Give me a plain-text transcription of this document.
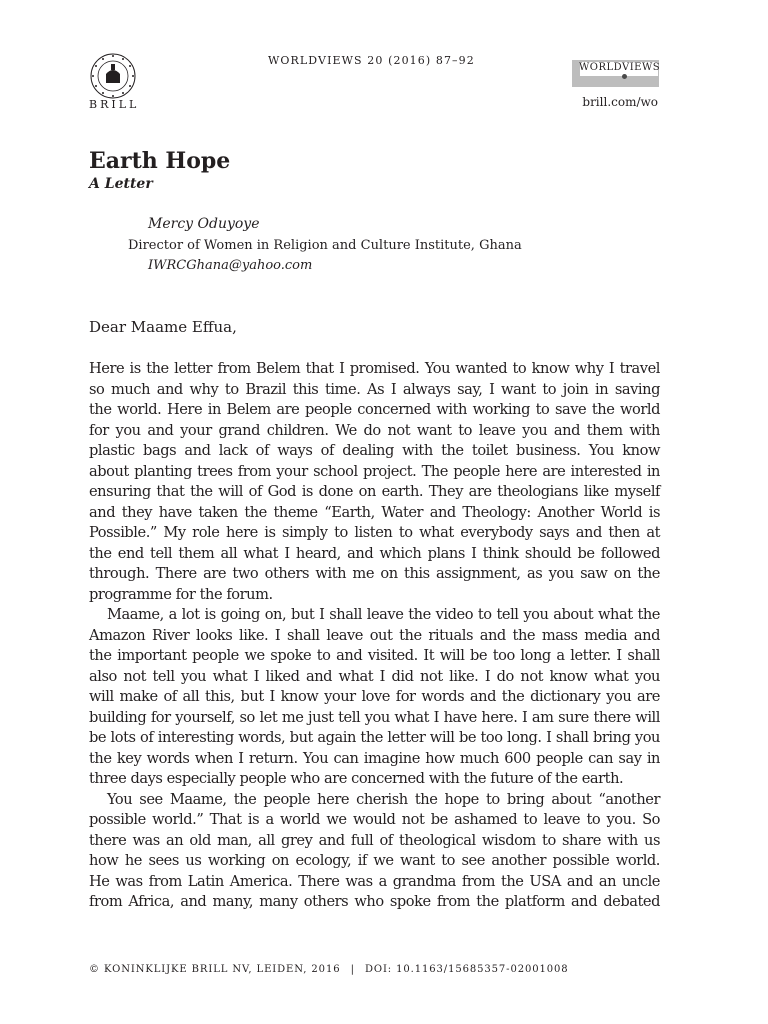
BRILL
WORLDVIEWS 20 (2016) 87–92
WORLDVIEWS
brill.com/wo
Earth Hope
A Letter
Mercy Oduyoye
Director of Women in Religion and Culture Institute, Ghana
IWRCGhana@yahoo.com
Dear Maame Effua,
Here is the letter from Belem that I promised. You wanted to know why I travel
so much and why to Brazil this time. As I always say, I want to join in saving
the world. Here in Belem are people concerned with working to save the world
for you and your grand children. We do not want to leave you and them with
plastic bags and lack of ways of dealing with the toilet business. You know
about planting trees from your school project. The people here are interested in
ensuring that the will of God is done on earth. They are theologians like myself
and they have taken the theme “Earth, Water and Theology: Another World is
Possible.” My role here is simply to listen to what everybody says and then at
the end tell them all what I heard, and which plans I think should be followed
through. There are two others with me on this assignment, as you saw on the
programme for the forum.
Maame, a lot is going on, but I shall leave the video to tell you about what the
Amazon River looks like. I shall leave out the rituals and the mass media and
the important people we spoke to and visited. It will be too long a letter. I shall
also not tell you what I liked and what I did not like. I do not know what you
will make of all this, but I know your love for words and the dictionary you are
building for yourself, so let me just tell you what I have here. I am sure there will
be lots of interesting words, but again the letter will be too long. I shall bring you
the key words when I return. You can imagine how much 600 people can say in
three days especially people who are concerned with the future of the earth.
You see Maame, the people here cherish the hope to bring about “another
possible world.” That is a world we would not be ashamed to leave to you. So
there was an old man, all grey and full of theological wisdom to share with us
how he sees us working on ecology, if we want to see another possible world.
He was from Latin America. There was a grandma from the USA and an uncle
from Africa, and many, many others who spoke from the platform and debated
© KONINKLIJKE BRILL NV, LEIDEN, 2016 | DOI: 10.1163/15685357-02001008
